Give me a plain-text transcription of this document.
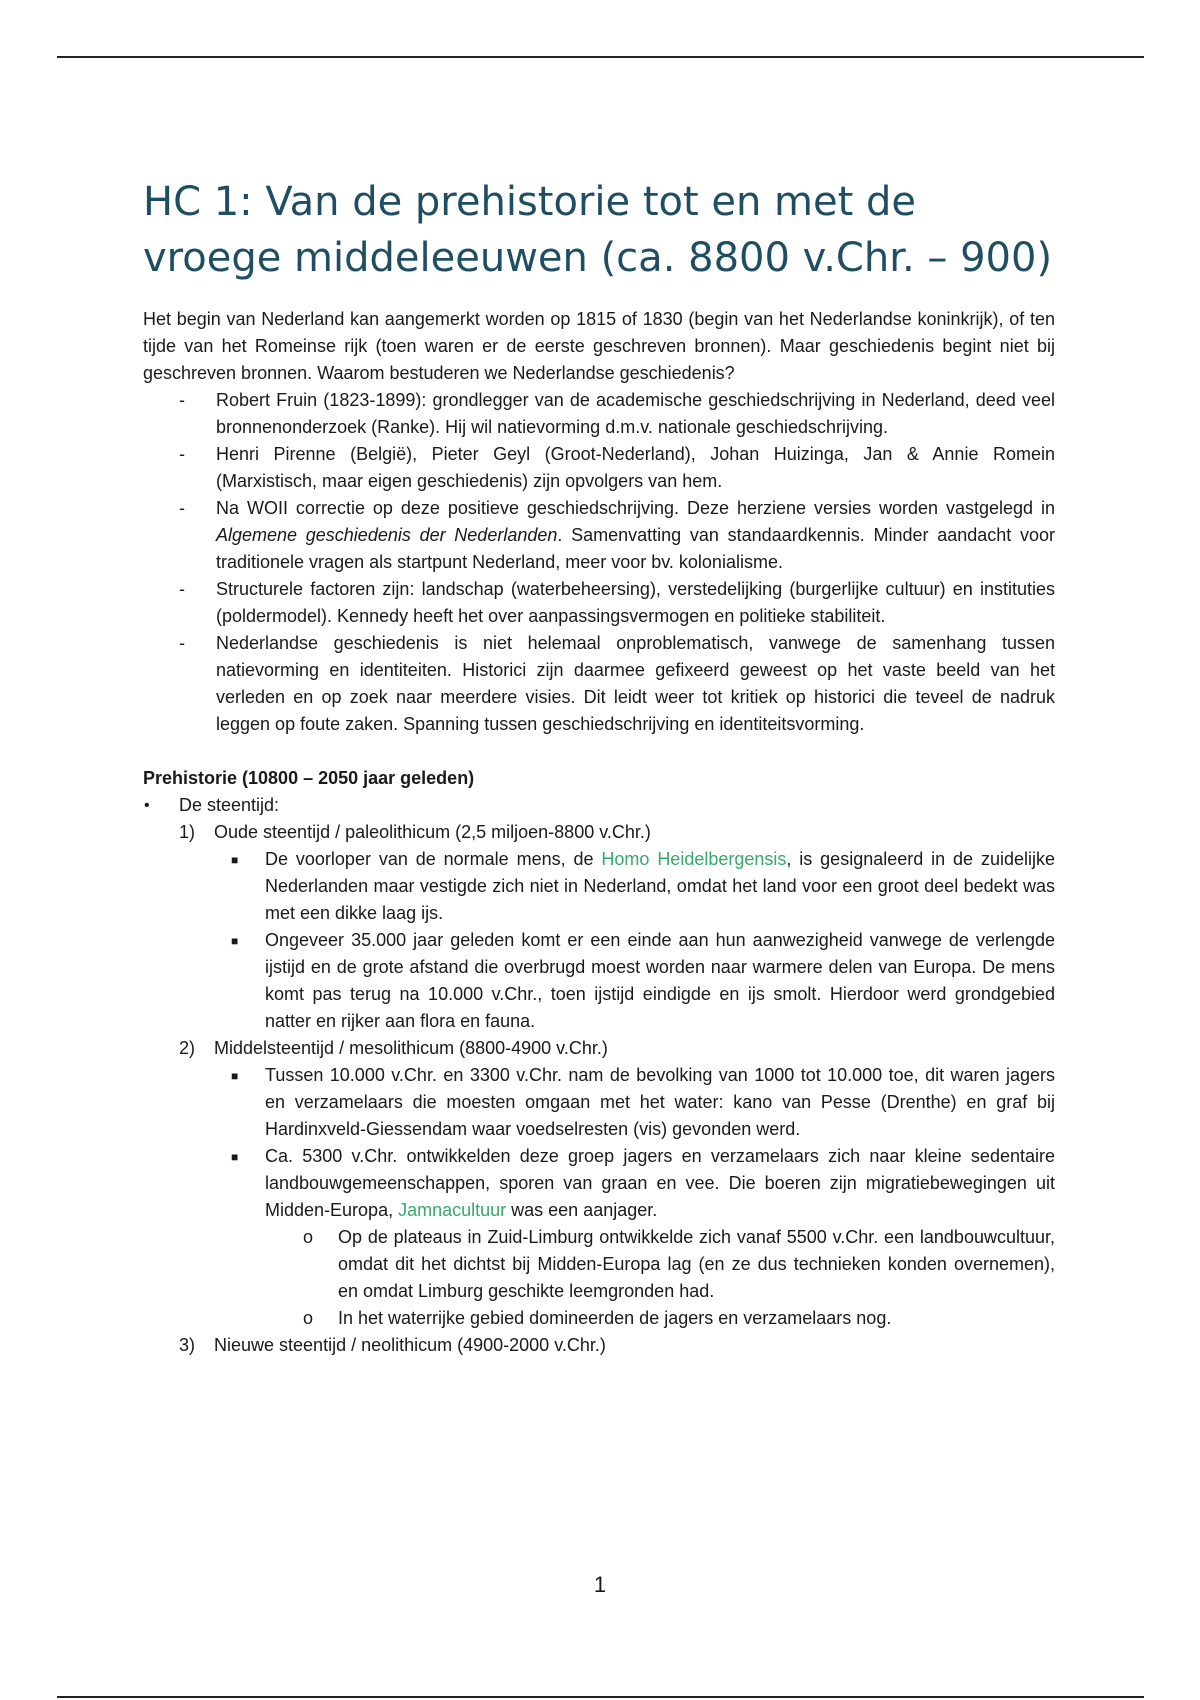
HC 1: Van de prehistorie tot en met de vroege middeleeuwen (ca. 8800 v.Chr. – 900)

Het begin van Nederland kan aangemerkt worden op 1815 of 1830 (begin van het Nederlandse koninkrijk), of ten tijde van het Romeinse rijk (toen waren er de eerste geschreven bronnen). Maar geschiedenis begint niet bij geschreven bronnen. Waarom bestuderen we Nederlandse geschiedenis?

- Robert Fruin (1823-1899): grondlegger van de academische geschiedschrijving in Nederland, deed veel bronnenonderzoek (Ranke). Hij wil natievorming d.m.v. nationale geschiedschrijving.
- Henri Pirenne (België), Pieter Geyl (Groot-Nederland), Johan Huizinga, Jan & Annie Romein (Marxistisch, maar eigen geschiedenis) zijn opvolgers van hem.
- Na WOII correctie op deze positieve geschiedschrijving. Deze herziene versies worden vastgelegd in Algemene geschiedenis der Nederlanden. Samenvatting van standaardkennis. Minder aandacht voor traditionele vragen als startpunt Nederland, meer voor bv. kolonialisme.
- Structurele factoren zijn: landschap (waterbeheersing), verstedelijking (burgerlijke cultuur) en instituties (poldermodel). Kennedy heeft het over aanpassingsvermogen en politieke stabiliteit.
- Nederlandse geschiedenis is niet helemaal onproblematisch, vanwege de samenhang tussen natievorming en identiteiten. Historici zijn daarmee gefixeerd geweest op het vaste beeld van het verleden en op zoek naar meerdere visies. Dit leidt weer tot kritiek op historici die teveel de nadruk leggen op foute zaken. Spanning tussen geschiedschrijving en identiteitsvorming.
Prehistorie (10800 – 2050 jaar geleden)
• De steentijd:
1) Oude steentijd / paleolithicum (2,5 miljoen-8800 v.Chr.)
■ De voorloper van de normale mens, de Homo Heidelbergensis, is gesignaleerd in de zuidelijke Nederlanden maar vestigde zich niet in Nederland, omdat het land voor een groot deel bedekt was met een dikke laag ijs.
■ Ongeveer 35.000 jaar geleden komt er een einde aan hun aanwezigheid vanwege de verlengde ijstijd en de grote afstand die overbrugd moest worden naar warmere delen van Europa. De mens komt pas terug na 10.000 v.Chr., toen ijstijd eindigde en ijs smolt. Hierdoor werd grondgebied natter en rijker aan flora en fauna.
2) Middelsteentijd / mesolithicum (8800-4900 v.Chr.)
■ Tussen 10.000 v.Chr. en 3300 v.Chr. nam de bevolking van 1000 tot 10.000 toe, dit waren jagers en verzamelaars die moesten omgaan met het water: kano van Pesse (Drenthe) en graf bij Hardinxveld-Giessendam waar voedselresten (vis) gevonden werd.
■ Ca. 5300 v.Chr. ontwikkelden deze groep jagers en verzamelaars zich naar kleine sedentaire landbouwgemeenschappen, sporen van graan en vee. Die boeren zijn migratiebewegingen uit Midden-Europa, Jamnacultuur was een aanjager.
o Op de plateaus in Zuid-Limburg ontwikkelde zich vanaf 5500 v.Chr. een landbouwcultuur, omdat dit het dichtst bij Midden-Europa lag (en ze dus technieken konden overnemen), en omdat Limburg geschikte leemgronden had.
o In het waterrijke gebied domineerden de jagers en verzamelaars nog.
3) Nieuwe steentijd / neolithicum (4900-2000 v.Chr.)
1
